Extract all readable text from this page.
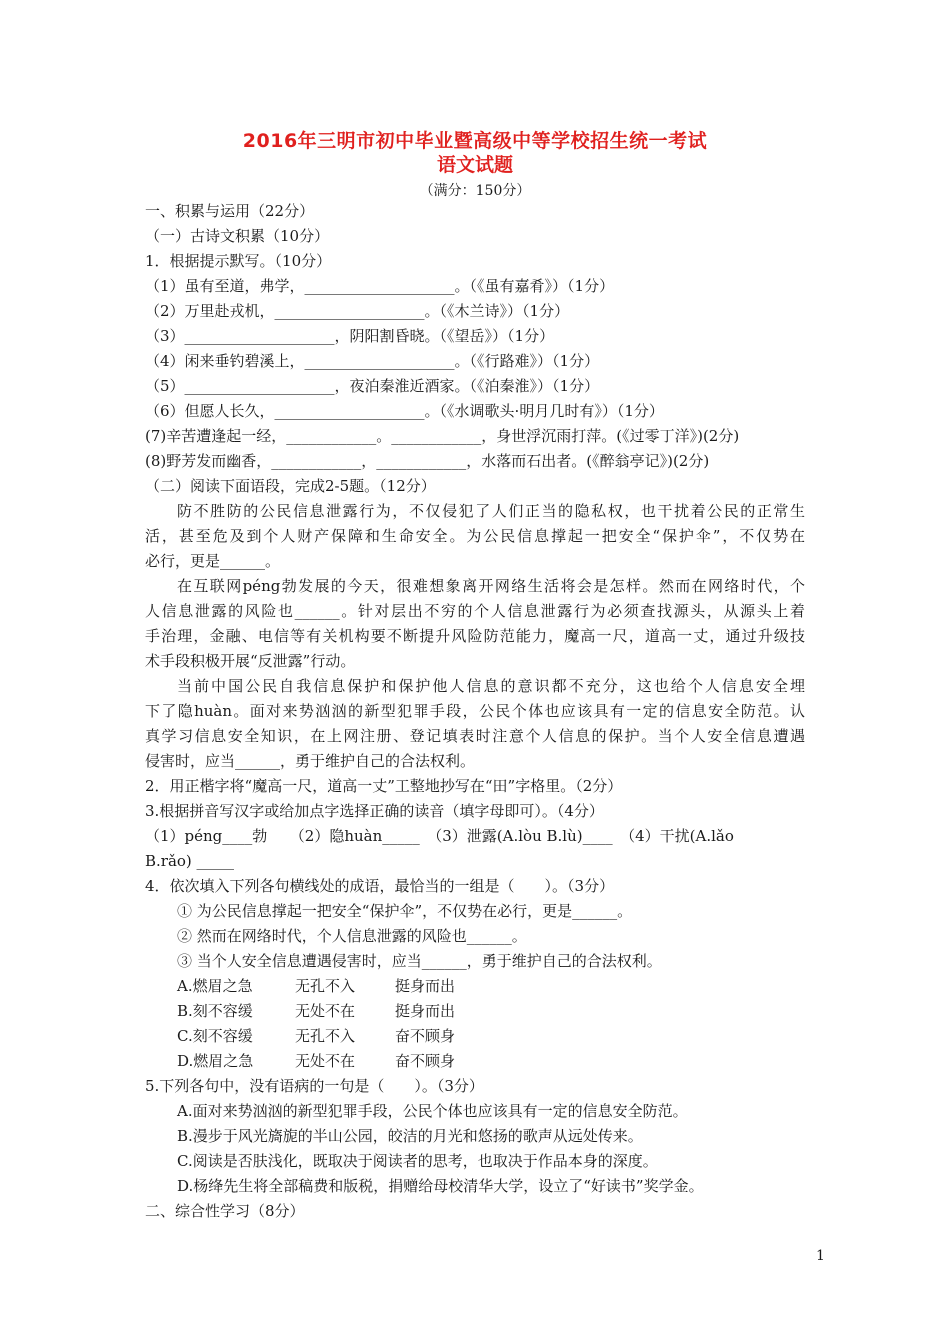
2016年三明市初中毕业暨高级中等学校招生统一考试
语文试题
（满分：150分）
一、积累与运用（22分）
（一）古诗文积累（10分）
1．根据提示默写。（10分）
（1）虽有至道，弗学，____________________。（《虽有嘉肴》）（1分）
（2）万里赴戎机，____________________。（《木兰诗》）（1分）
（3）____________________，阴阳割昏晓。（《望岳》）（1分）
（4）闲来垂钓碧溪上，____________________。（《行路难》）（1分）
（5）____________________，夜泊秦淮近酒家。（《泊秦淮》）（1分）
（6）但愿人长久，____________________。（《水调歌头·明月几时有》）（1分）
(7)辛苦遭逢起一经，____________。____________，身世浮沉雨打萍。(《过零丁洋》)(2分)
(8)野芳发而幽香，____________，____________，水落而石出者。(《醉翁亭记》)(2分)
（二）阅读下面语段，完成2-5题。（12分）
防不胜防的公民信息泄露行为，不仅侵犯了人们正当的隐私权，也干扰着公民的正常生
活，甚至危及到个人财产保障和生命安全。为公民信息撑起一把安全“保护伞”，不仅势在
必行，更是______。
在互联网péng勃发展的今天，很难想象离开网络生活将会是怎样。然而在网络时代，个
人信息泄露的风险也______。针对层出不穷的个人信息泄露行为必须查找源头，从源头上着
手治理，金融、电信等有关机构要不断提升风险防范能力，魔高一尺，道高一丈，通过升级技
术手段积极开展“反泄露”行动。
当前中国公民自我信息保护和保护他人信息的意识都不充分，这也给个人信息安全埋
下了隐huàn。面对来势汹汹的新型犯罪手段，公民个体也应该具有一定的信息安全防范。认
真学习信息安全知识，在上网注册、登记填表时注意个人信息的保护。当个人安全信息遭遇
侵害时，应当______，勇于维护自己的合法权利。
2．用正楷字将“魔高一尺，道高一丈”工整地抄写在“田”字格里。（2分）
3.根据拼音写汉字或给加点字选择正确的读音（填字母即可）。（4分）
（1）péng____勃　　（2）隐huàn_____　（3）泄露(A.lòu B.lù)____　（4）干扰(A.lǎo
B.rǎo) _____
4．依次填入下列各句横线处的成语，最恰当的一组是（　　）。（3分）
① 为公民信息撑起一把安全“保护伞”，不仅势在必行，更是______。
② 然而在网络时代，个人信息泄露的风险也______。
③ 当个人安全信息遭遇侵害时，应当______，勇于维护自己的合法权利。
A.燃眉之急	无孔不入	挺身而出
B.刻不容缓	无处不在	挺身而出
C.刻不容缓	无孔不入	奋不顾身
D.燃眉之急	无处不在	奋不顾身
5.下列各句中，没有语病的一句是（　　）。（3分）
A.面对来势汹汹的新型犯罪手段，公民个体也应该具有一定的信息安全防范。
B.漫步于风光旖旎的半山公园，皎洁的月光和悠扬的歌声从远处传来。
C.阅读是否肤浅化，既取决于阅读者的思考，也取决于作品本身的深度。
D.杨绛先生将全部稿费和版税，捐赠给母校清华大学，设立了“好读书”奖学金。
二、综合性学习（8分）
1
